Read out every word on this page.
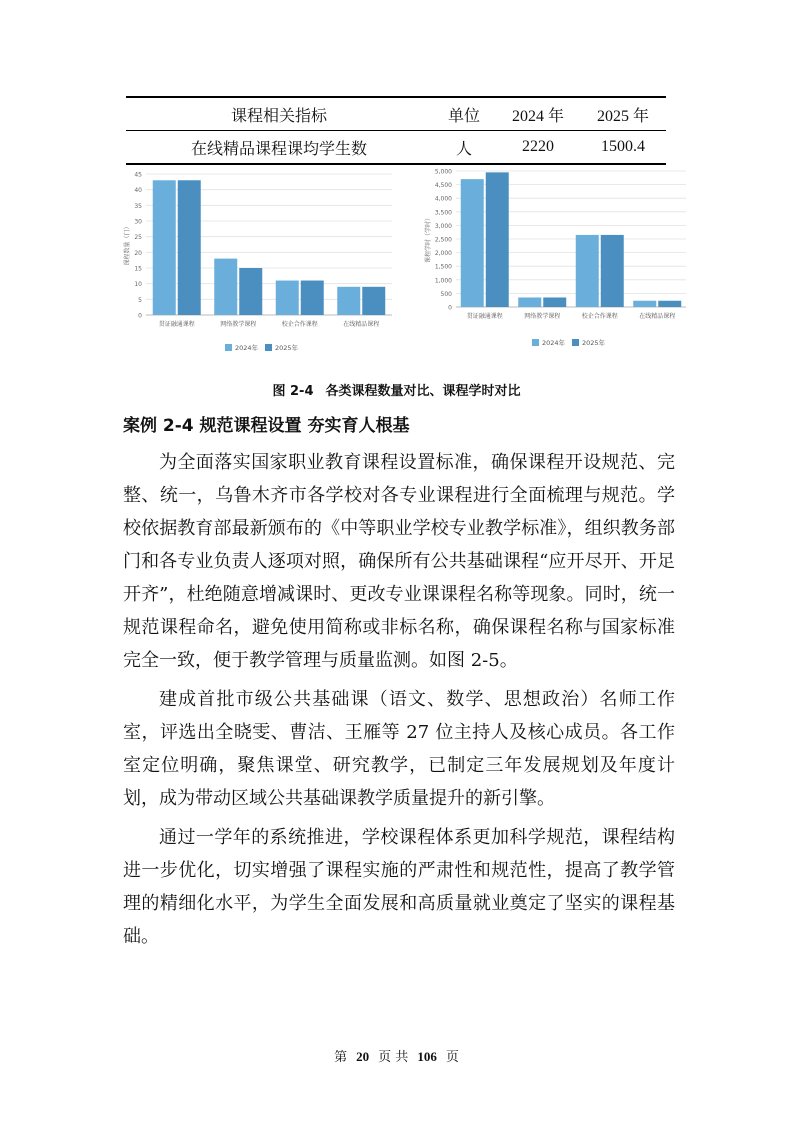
课程相关指标	单位	2024 年	2025 年
在线精品课程课均学生数	人	2220	1500.4
0
5
10
15
20
25
30
35
40
45
课程数量（门）
贯证融通课程	网络教学课程	校企合作课程	在线精品课程
2024年	2025年
0
500
1,000
1,500
2,000
2,500
3,000
3,500
4,000
4,500
5,000
课程学时（学时）
贯证融通课程	网络教学课程	校企合作课程	在线精品课程
2024年	2025年
图 2-4 各类课程数量对比、课程学时对比
案例 2-4 规范课程设置 夯实育人根基

为全面落实国家职业教育课程设置标准，确保课程开设规范、完整、统一，乌鲁木齐市各学校对各专业课程进行全面梳理与规范。学校依据教育部最新颁布的《中等职业学校专业教学标准》，组织教务部门和各专业负责人逐项对照，确保所有公共基础课程“应开尽开、开足开齐”，杜绝随意增减课时、更改专业课课程名称等现象。同时，统一规范课程命名，避免使用简称或非标名称，确保课程名称与国家标准完全一致，便于教学管理与质量监测。如图 2-5。

建成首批市级公共基础课（语文、数学、思想政治）名师工作室，评选出全晓雯、曹洁、王雁等 27 位主持人及核心成员。各工作室定位明确，聚焦课堂、研究教学，已制定三年发展规划及年度计划，成为带动区域公共基础课教学质量提升的新引擎。

通过一学年的系统推进，学校课程体系更加科学规范，课程结构进一步优化，切实增强了课程实施的严肃性和规范性，提高了教学管理的精细化水平，为学生全面发展和高质量就业奠定了坚实的课程基础。

第 20 页 共 106 页
